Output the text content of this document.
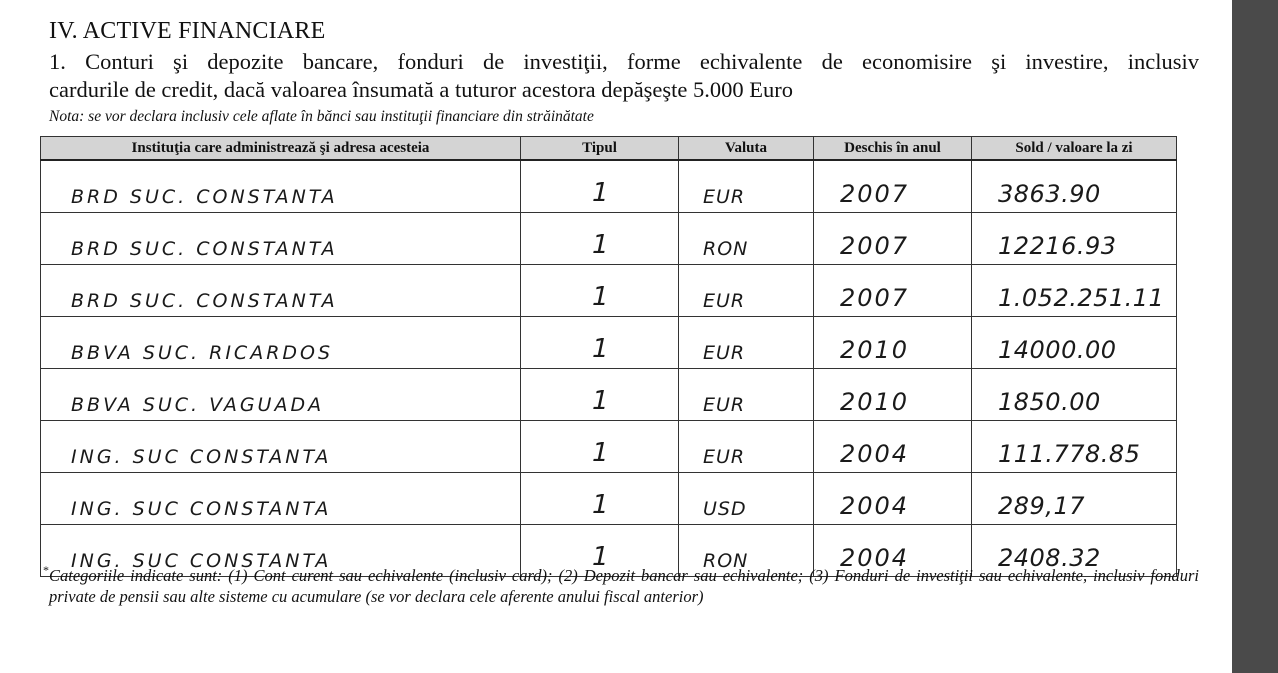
IV. ACTIVE FINANCIARE
1. Conturi şi depozite bancare, fonduri de investiţii, forme echivalente de economisire şi investire, inclusiv
cardurile de credit, dacă valoarea însumată a tuturor acestora depăşeşte 5.000 Euro
Nota: se vor declara inclusiv cele aflate în bănci sau instituţii financiare din străinătate
Instituţia care administrează şi adresa acesteia	Tipul	Valuta	Deschis în anul	Sold / valoare la zi

BRD SUC. CONSTANTA	1	EUR	2007	3863.90

BRD SUC. CONSTANTA	1	RON	2007	12216.93

BRD SUC. CONSTANTA	1	EUR	2007	1.052.251.11

BBVA SUC. RICARDOS	1	EUR	2010	14000.00

BBVA SUC. VAGUADA	1	EUR	2010	1850.00

ING. SUC CONSTANTA	1	EUR	2004	111.778.85

ING. SUC CONSTANTA	1	USD	2004	289,17

ING. SUC CONSTANTA	1	RON	2004	2408.32
* Categoriile indicate sunt: (1) Cont curent sau echivalente (inclusiv card); (2) Depozit bancar sau echivalente; (3) Fonduri de investiţii sau echivalente, inclusiv fonduri private de pensii sau alte sisteme cu acumulare (se vor declara cele aferente anului fiscal anterior)
